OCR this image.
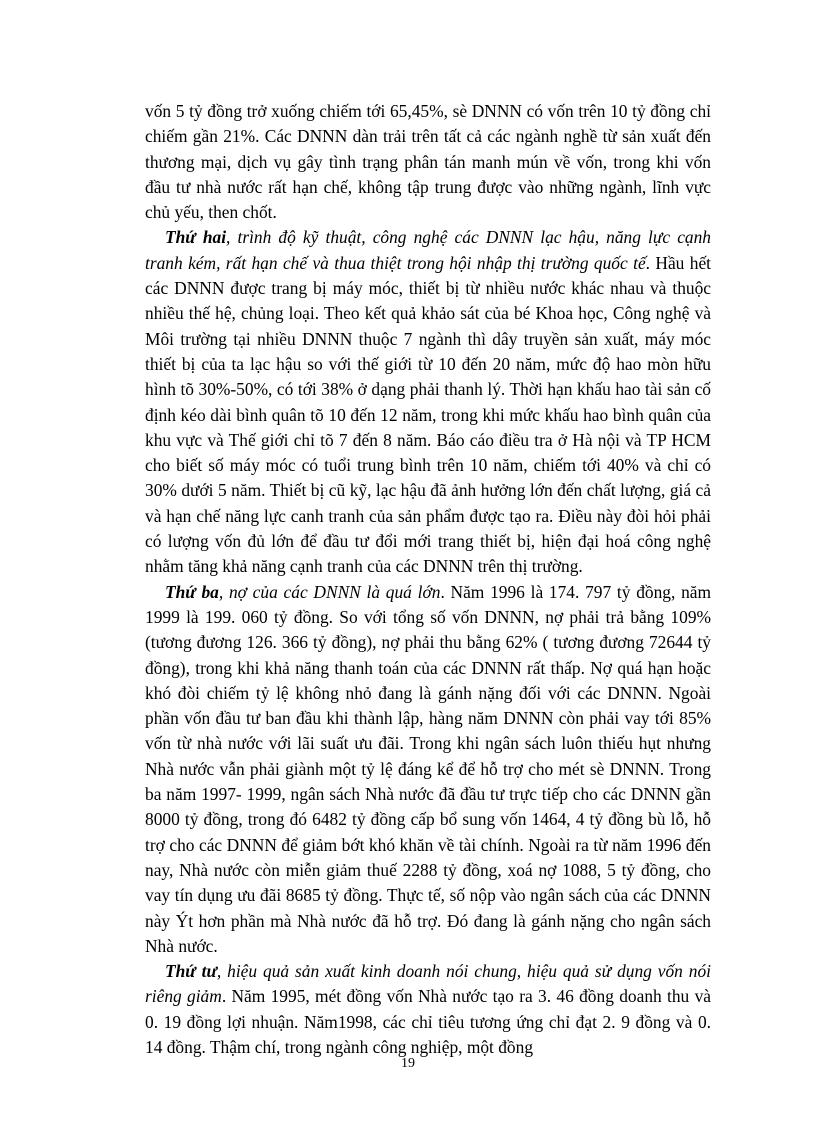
vốn 5 tỷ đồng trở xuống chiếm tới 65,45%, sè DNNN có vốn trên 10 tỷ đồng chỉ chiếm gần 21%. Các DNNN dàn trải trên tất cả các ngành nghề từ sản xuất đến thương mại, dịch vụ gây tình trạng phân tán manh mún về vốn, trong khi vốn đầu tư nhà nước rất hạn chế, không tập trung được vào những ngành, lĩnh vực chủ yếu, then chốt.

Thứ hai, trình độ kỹ thuật, công nghệ các DNNN lạc hậu, năng lực cạnh tranh kém, rất hạn chế và thua thiệt trong hội nhập thị trường quốc tế. Hầu hết các DNNN được trang bị máy móc, thiết bị từ nhiều nước khác nhau và thuộc nhiều thế hệ, chủng loại. Theo kết quả khảo sát của bé Khoa học, Công nghệ và Môi trường tại nhiều DNNN thuộc 7 ngành thì dây truyền sản xuất, máy móc thiết bị của ta lạc hậu so với thế giới từ 10 đến 20 năm, mức độ hao mòn hữu hình tõ 30%-50%, có tới 38% ở dạng phải thanh lý. Thời hạn khấu hao tài sản cố định kéo dài bình quân tõ 10 đến 12 năm, trong khi mức khấu hao bình quân của khu vực và Thế giới chỉ tõ 7 đến 8 năm. Báo cáo điều tra ở Hà nội và TP HCM cho biết số máy móc có tuổi trung bình trên 10 năm, chiếm tới 40% và chỉ có 30% dưới 5 năm. Thiết bị cũ kỹ, lạc hậu đã ảnh hưởng lớn đến chất lượng, giá cả và hạn chế năng lực canh tranh của sản phẩm được tạo ra. Điều này đòi hỏi phải có lượng vốn đủ lớn để đầu tư đổi mới trang thiết bị, hiện đại hoá công nghệ nhằm tăng khả năng cạnh tranh của các DNNN trên thị trường.

Thứ ba, nợ của các DNNN là quá lớn. Năm 1996 là 174. 797 tỷ đồng, năm 1999 là 199. 060 tỷ đồng. So với tổng số vốn DNNN, nợ phải trả bằng 109% (tương đương 126. 366 tỷ đồng), nợ phải thu bằng 62% ( tương đương 72644 tỷ đồng), trong khi khả năng thanh toán của các DNNN rất thấp. Nợ quá hạn hoặc khó đòi chiếm tỷ lệ không nhỏ đang là gánh nặng đối với các DNNN. Ngoài phần vốn đầu tư ban đầu khi thành lập, hàng năm DNNN còn phải vay tới 85% vốn từ nhà nước với lãi suất ưu đãi. Trong khi ngân sách luôn thiếu hụt nhưng Nhà nước vẫn phải giành một tỷ lệ đáng kể để hỗ trợ cho mét sè DNNN. Trong ba năm 1997- 1999, ngân sách Nhà nước đã đầu tư trực tiếp cho các DNNN gần 8000 tỷ đồng, trong đó 6482 tỷ đồng cấp bổ sung vốn 1464, 4 tỷ đồng bù lỗ, hỗ trợ cho các DNNN để giảm bớt khó khăn về tài chính. Ngoài ra từ năm 1996 đến nay, Nhà nước còn miễn giảm thuế 2288 tỷ đồng, xoá nợ 1088, 5 tỷ đồng, cho vay tín dụng ưu đãi 8685 tỷ đồng. Thực tế, số nộp vào ngân sách của các DNNN này Ýt hơn phần mà Nhà nước đã hỗ trợ. Đó đang là gánh nặng cho ngân sách Nhà nước.

Thứ tư, hiệu quả sản xuất kinh doanh nói chung, hiệu quả sử dụng vốn nói riêng giảm. Năm 1995, mét đồng vốn Nhà nước tạo ra 3. 46 đồng doanh thu và 0. 19 đồng lợi nhuận. Năm1998, các chỉ tiêu tương ứng chỉ đạt 2. 9 đồng và 0. 14 đồng. Thậm chí, trong ngành công nghiệp, một đồng

19
